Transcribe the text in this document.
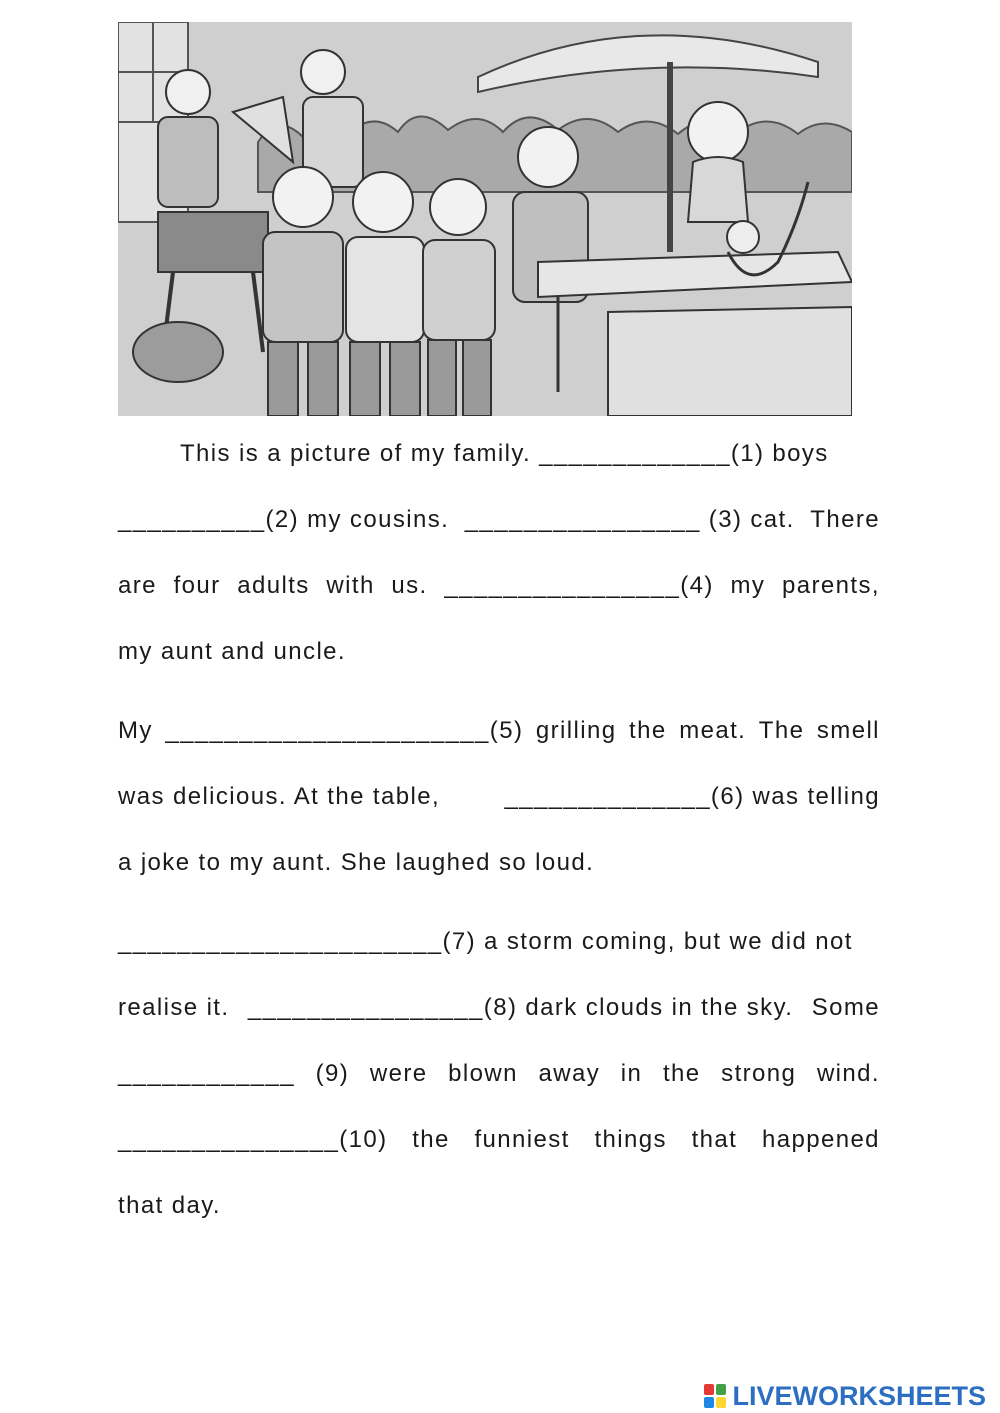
This is a picture of my family. _____________(1) boys
__________(2) my cousins. ________________ (3) cat. There
are four adults with us. ________________(4) my parents,
my aunt and uncle.
My ______________________(5) grilling the meat. The smell
was delicious. At the table,	______________(6) was telling
a joke to my aunt. She laughed so loud.
______________________(7) a storm coming, but we did not
realise it. ________________(8) dark clouds in the sky. Some
____________ (9) were blown away in the strong wind.
_______________(10) the funniest things that happened
that day.
LIVEWORKSHEETS
